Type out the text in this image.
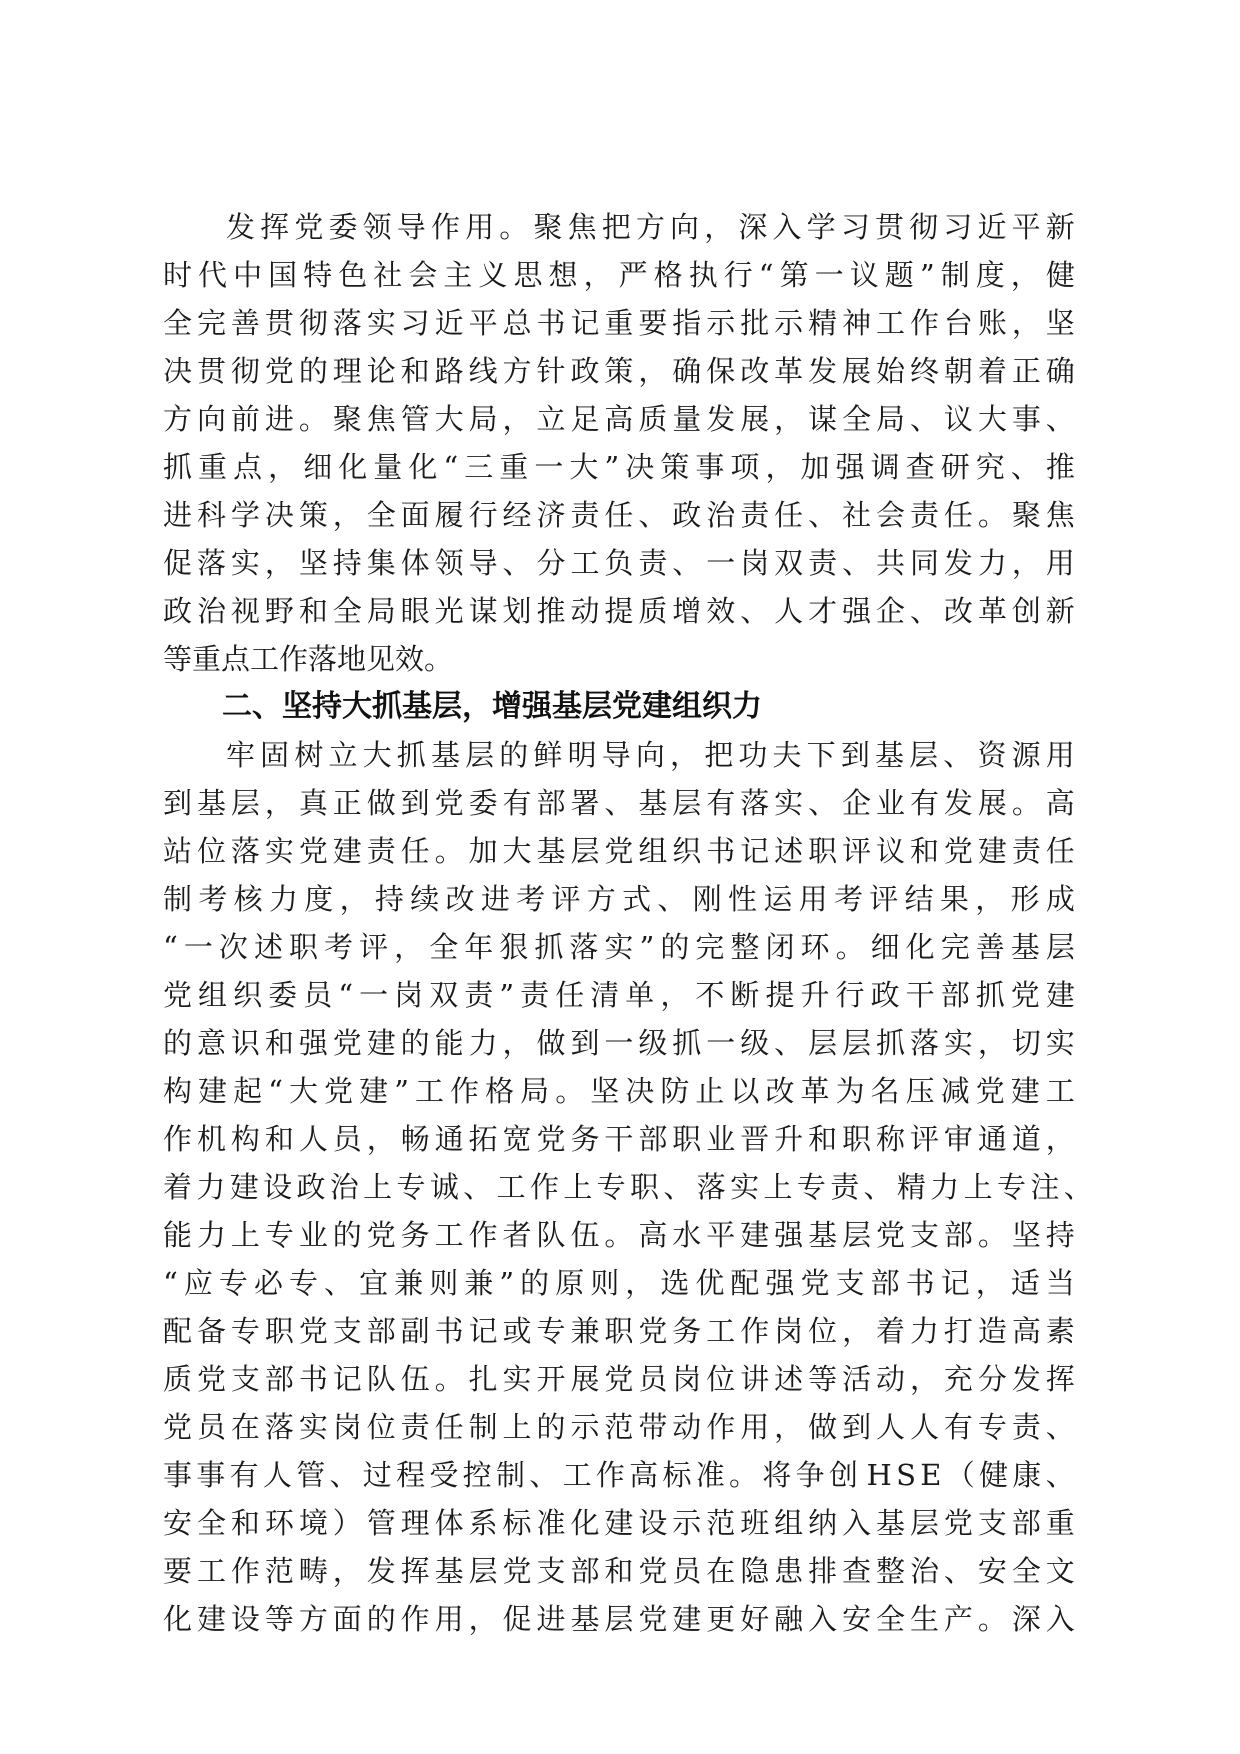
发 挥 党 委 领 导 作 用 。 聚 焦 把 方 向 ， 深 入 学 习 贯 彻 习 近 平 新
时 代 中 国 特 色 社 会 主 义 思 想 ， 严 格 执 行 “ 第 一 议 题 ” 制 度 ， 健
全 完 善 贯 彻 落 实 习 近 平 总 书 记 重 要 指 示 批 示 精 神 工 作 台 账 ， 坚
决 贯 彻 党 的 理 论 和 路 线 方 针 政 策 ， 确 保 改 革 发 展 始 终 朝 着 正 确
方 向 前 进 。 聚 焦 管 大 局 ， 立 足 高 质 量 发 展 ， 谋 全 局 、 议 大 事 、
抓 重 点 ， 细 化 量 化 “ 三 重 一 大 ” 决 策 事 项 ， 加 强 调 查 研 究 、 推
进 科 学 决 策 ， 全 面 履 行 经 济 责 任 、 政 治 责 任 、 社 会 责 任 。 聚 焦
促 落 实 ， 坚 持 集 体 领 导 、 分 工 负 责 、 一 岗 双 责 、 共 同 发 力 ， 用
政 治 视 野 和 全 局 眼 光 谋 划 推 动 提 质 增 效 、 人 才 强 企 、 改 革 创 新
等重点工作落地见效。
二、坚持大抓基层，增强基层党建组织力
牢 固 树 立 大 抓 基 层 的 鲜 明 导 向 ， 把 功 夫 下 到 基 层 、 资 源 用
到 基 层 ， 真 正 做 到 党 委 有 部 署 、 基 层 有 落 实 、 企 业 有 发 展 。 高
站 位 落 实 党 建 责 任 。 加 大 基 层 党 组 织 书 记 述 职 评 议 和 党 建 责 任
制 考 核 力 度 ， 持 续 改 进 考 评 方 式 、 刚 性 运 用 考 评 结 果 ， 形 成
“ 一 次 述 职 考 评 ， 全 年 狠 抓 落 实 ” 的 完 整 闭 环 。 细 化 完 善 基 层
党 组 织 委 员 “ 一 岗 双 责 ” 责 任 清 单 ， 不 断 提 升 行 政 干 部 抓 党 建
的 意 识 和 强 党 建 的 能 力 ， 做 到 一 级 抓 一 级 、 层 层 抓 落 实 ， 切 实
构 建 起 “ 大 党 建 ” 工 作 格 局 。 坚 决 防 止 以 改 革 为 名 压 减 党 建 工
作 机 构 和 人 员 ， 畅 通 拓 宽 党 务 干 部 职 业 晋 升 和 职 称 评 审 通 道 ，
着 力 建 设 政 治 上 专 诚 、 工 作 上 专 职 、 落 实 上 专 责 、 精 力 上 专 注 、
能 力 上 专 业 的 党 务 工 作 者 队 伍 。 高 水 平 建 强 基 层 党 支 部 。 坚 持
“ 应 专 必 专 、 宜 兼 则 兼 ” 的 原 则 ， 选 优 配 强 党 支 部 书 记 ， 适 当
配 备 专 职 党 支 部 副 书 记 或 专 兼 职 党 务 工 作 岗 位 ， 着 力 打 造 高 素
质 党 支 部 书 记 队 伍 。 扎 实 开 展 党 员 岗 位 讲 述 等 活 动 ， 充 分 发 挥
党 员 在 落 实 岗 位 责 任 制 上 的 示 范 带 动 作 用 ， 做 到 人 人 有 专 责 、
事 事 有 人 管 、 过 程 受 控 制 、 工 作 高 标 准 。 将 争 创 H S E （ 健 康 、
安 全 和 环 境 ） 管 理 体 系 标 准 化 建 设 示 范 班 组 纳 入 基 层 党 支 部 重
要 工 作 范 畴 ， 发 挥 基 层 党 支 部 和 党 员 在 隐 患 排 查 整 治 、 安 全 文
化 建 设 等 方 面 的 作 用 ， 促 进 基 层 党 建 更 好 融 入 安 全 生 产 。 深 入
